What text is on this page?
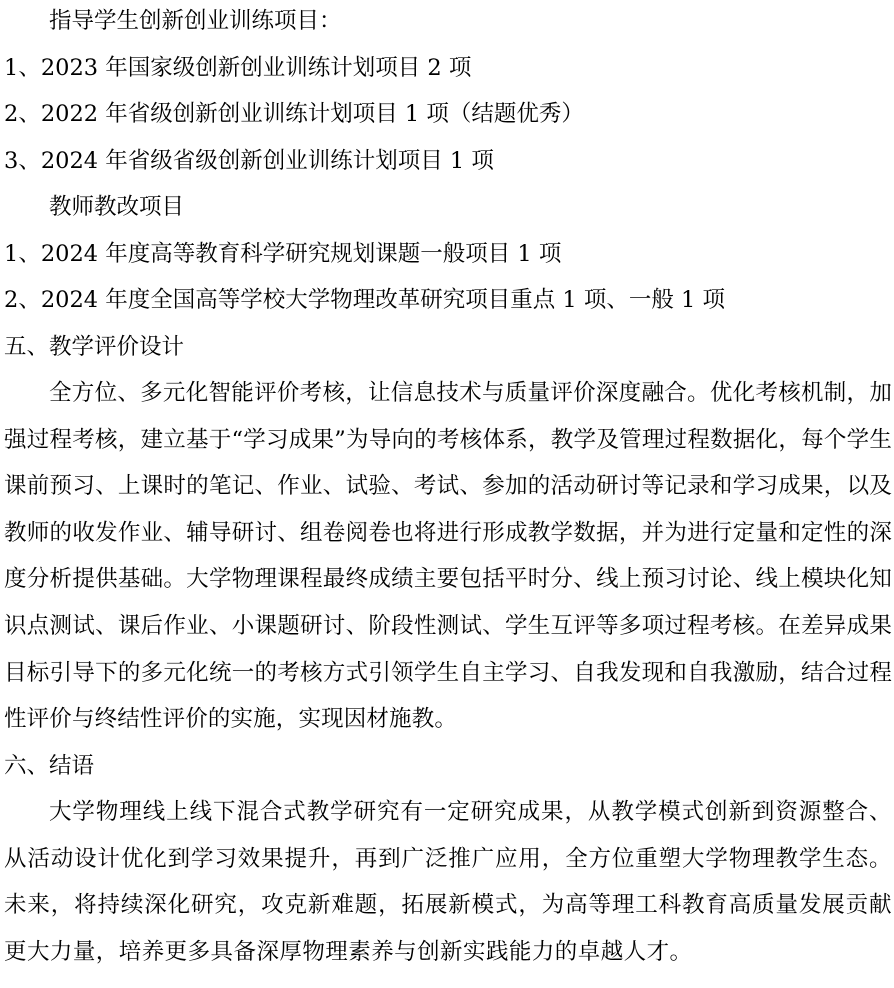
指导学生创新创业训练项目：

1、2023 年国家级创新创业训练计划项目 2 项

2、2022 年省级创新创业训练计划项目 1 项（结题优秀）

3、2024 年省级省级创新创业训练计划项目 1 项

教师教改项目

1、2024 年度高等教育科学研究规划课题一般项目 1 项

2、2024 年度全国高等学校大学物理改革研究项目重点 1 项、一般 1 项

五、教学评价设计

全方位、多元化智能评价考核，让信息技术与质量评价深度融合。优化考核机制，加强过程考核，建立基于“学习成果”为导向的考核体系，教学及管理过程数据化，每个学生课前预习、上课时的笔记、作业、试验、考试、参加的活动研讨等记录和学习成果，以及教师的收发作业、辅导研讨、组卷阅卷也将进行形成教学数据，并为进行定量和定性的深度分析提供基础。大学物理课程最终成绩主要包括平时分、线上预习讨论、线上模块化知识点测试、课后作业、小课题研讨、阶段性测试、学生互评等多项过程考核。在差异成果目标引导下的多元化统一的考核方式引领学生自主学习、自我发现和自我激励，结合过程性评价与终结性评价的实施，实现因材施教。

六、结语

大学物理线上线下混合式教学研究有一定研究成果，从教学模式创新到资源整合、从活动设计优化到学习效果提升，再到广泛推广应用，全方位重塑大学物理教学生态。未来，将持续深化研究，攻克新难题，拓展新模式，为高等理工科教育高质量发展贡献更大力量，培养更多具备深厚物理素养与创新实践能力的卓越人才。
